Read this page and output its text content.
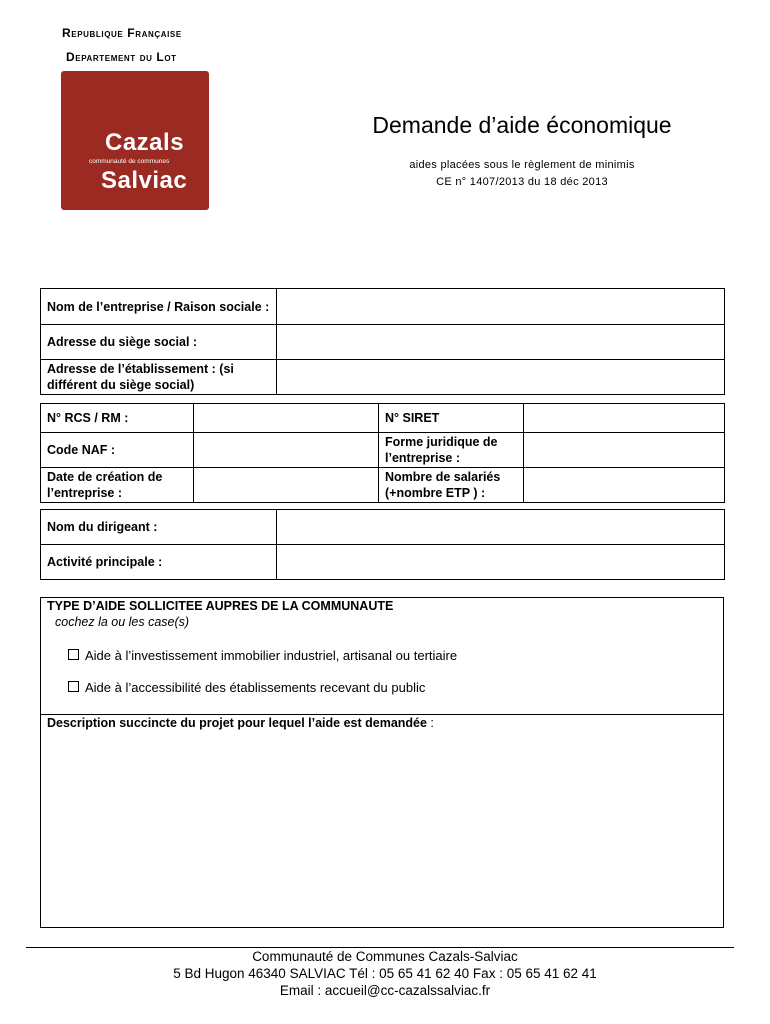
Republique Française
Departement du Lot
Cazals
communauté de communes
Salviac
Demande d’aide économique
aides placées sous le règlement de minimis
CE n° 1407/2013 du 18 déc 2013
Nom de l’entreprise / Raison sociale :	
Adresse du siège social :	
Adresse de l’établissement : (si différent du siège social)	
N° RCS / RM :		N° SIRET	
Code NAF :		Forme juridique de l’entreprise :	
Date de création de l’entreprise :		Nombre de salariés (+nombre ETP ) :	
Nom du dirigeant :	
Activité principale :	
TYPE D’AIDE SOLLICITEE AUPRES DE LA COMMUNAUTE
cochez la ou les case(s)
Aide à l’investissement immobilier industriel, artisanal ou tertiaire
Aide à l’accessibilité des établissements recevant du public
Description succincte du projet pour lequel l’aide est demandée :
Communauté de Communes Cazals-Salviac
5 Bd Hugon 46340 SALVIAC Tél : 05 65 41 62 40 Fax : 05 65 41 62 41
Email : accueil@cc-cazalssalviac.fr
